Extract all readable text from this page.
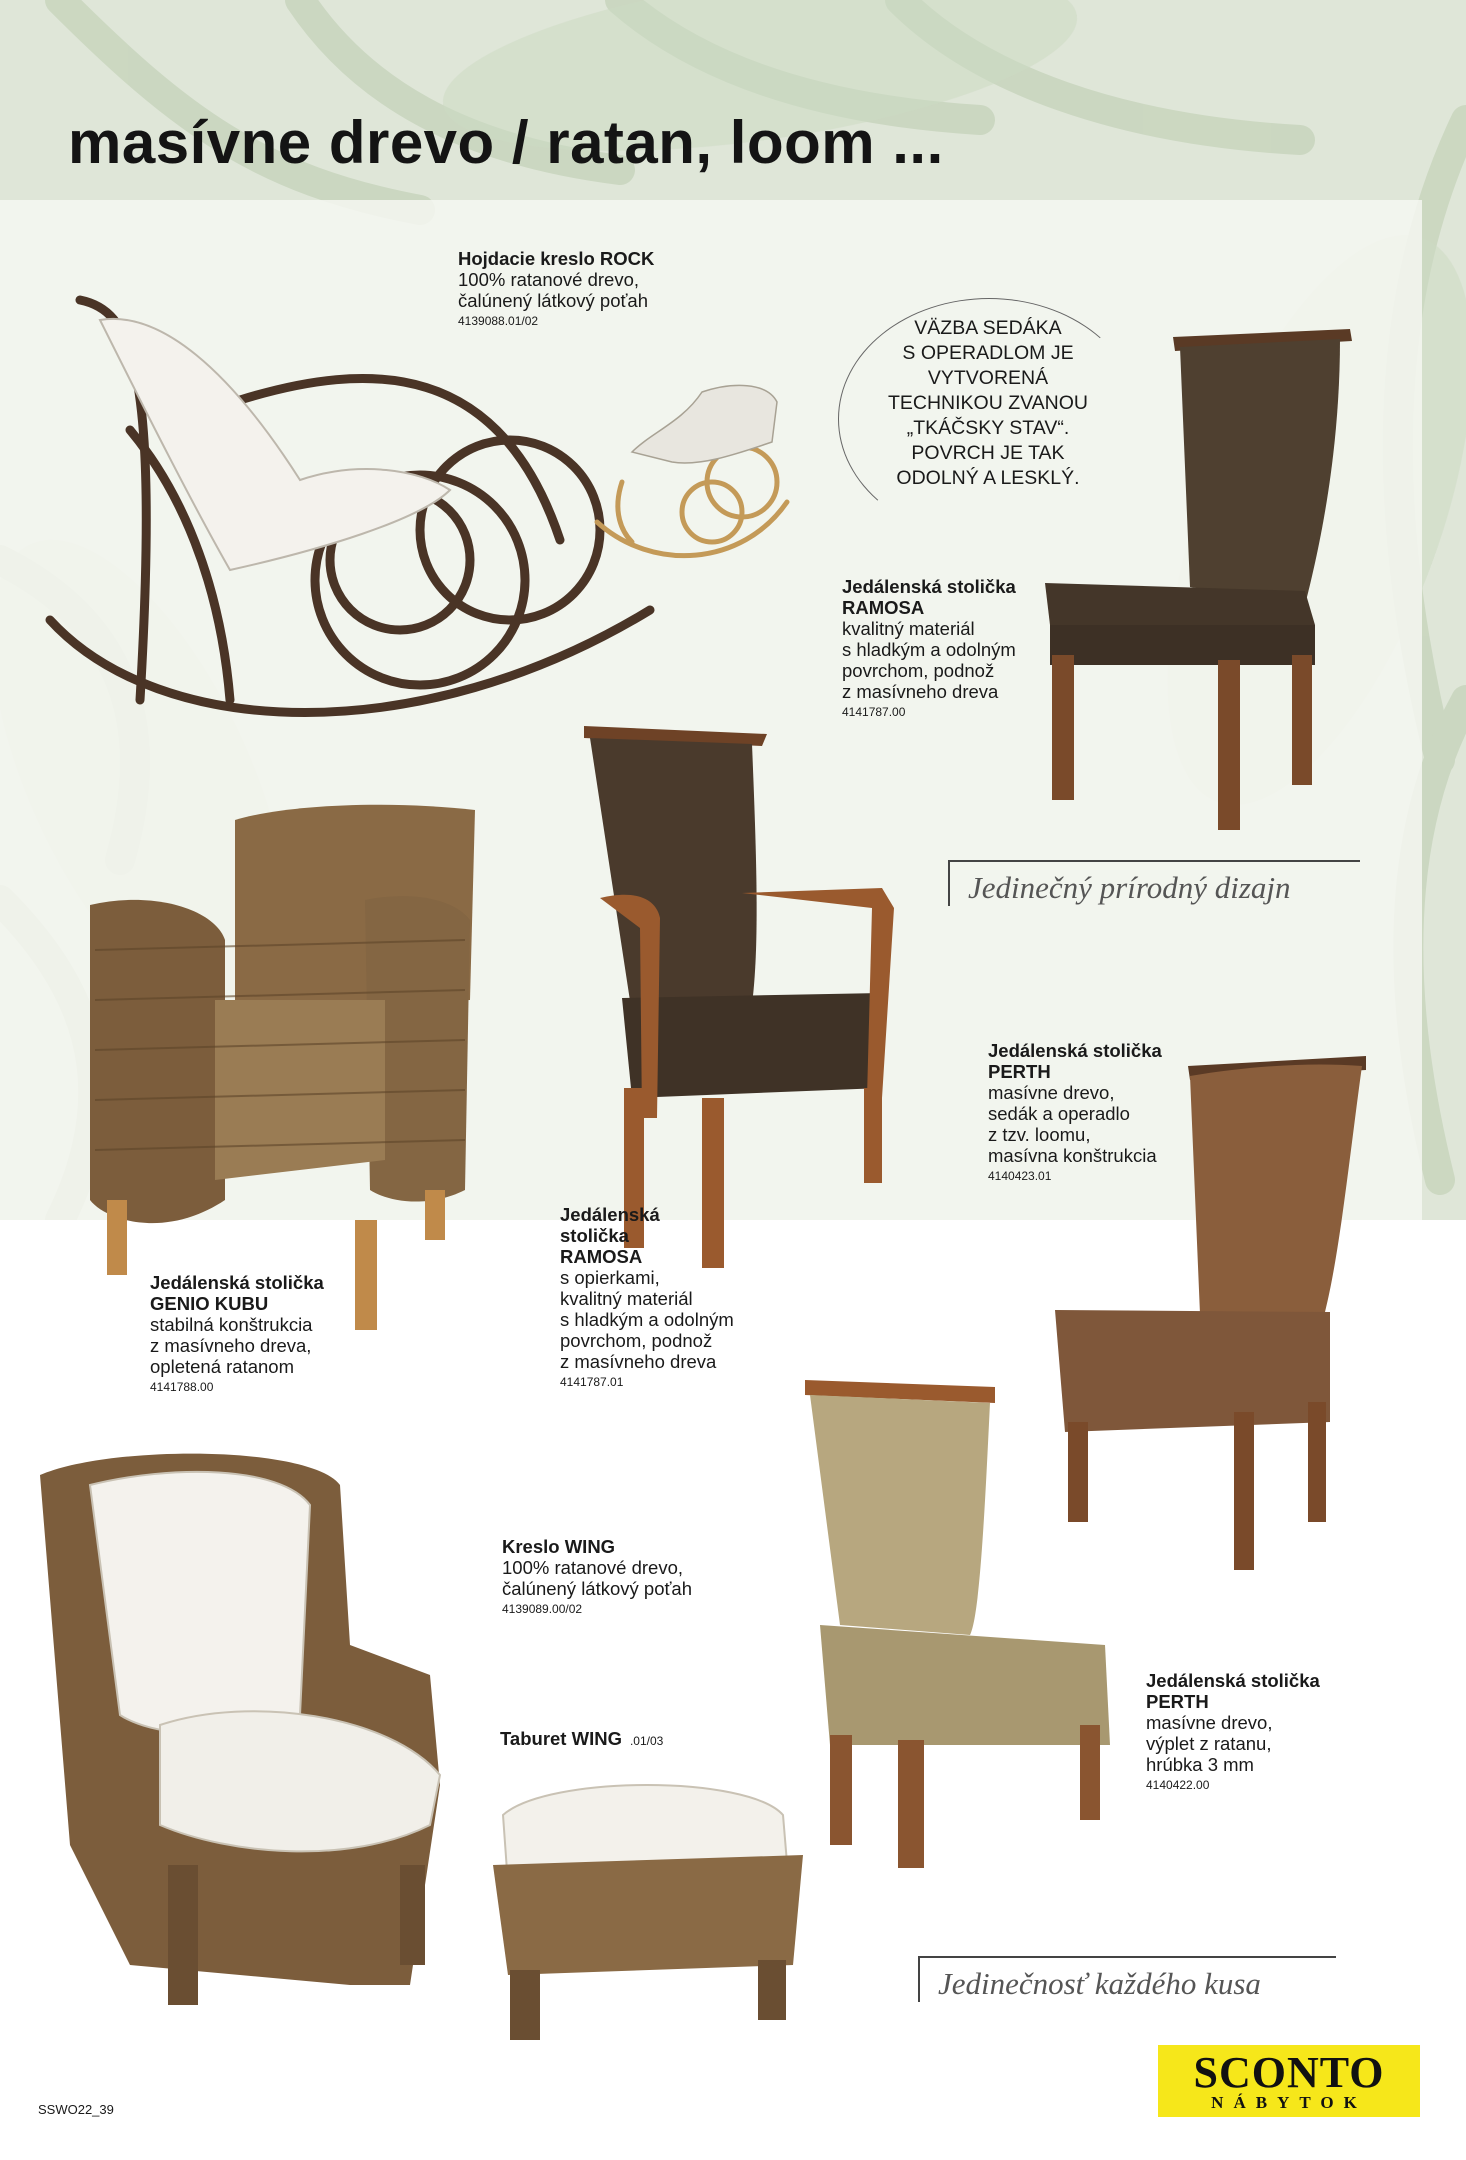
masívne drevo / ratan, loom ...
VÄZBA SEDÁKA
S OPERADLOM JE
VYTVORENÁ
TECHNIKOU ZVANOU
„TKÁČSKY STAV“.
POVRCH JE TAK
ODOLNÝ A LESKLÝ.
Hojdacie kreslo ROCK
100% ratanové drevo,
čalúnený látkový poťah
4139088.01/02
Jedálenská stolička
RAMOSA
kvalitný materiál
s hladkým a odolným
povrchom, podnož
z masívneho dreva
4141787.00
Jedálenská stolička
PERTH
masívne drevo,
sedák a operadlo
z tzv. loomu,
masívna konštrukcia
4140423.01
Jedálenská
stolička
RAMOSA
s opierkami,
kvalitný materiál
s hladkým a odolným
povrchom, podnož
z masívneho dreva
4141787.01
Jedálenská stolička
GENIO KUBU
stabilná konštrukcia
z masívneho dreva,
opletená ratanom
4141788.00
Kreslo WING
100% ratanové drevo,
čalúnený látkový poťah
4139089.00/02
Taburet WING .01/03
Jedálenská stolička
PERTH
masívne drevo,
výplet z ratanu,
hrúbka 3 mm
4140422.00
Jedinečný prírodný dizajn
Jedinečnosť každého kusa
SSWO22_39
SCONTO
NÁBYTOK
